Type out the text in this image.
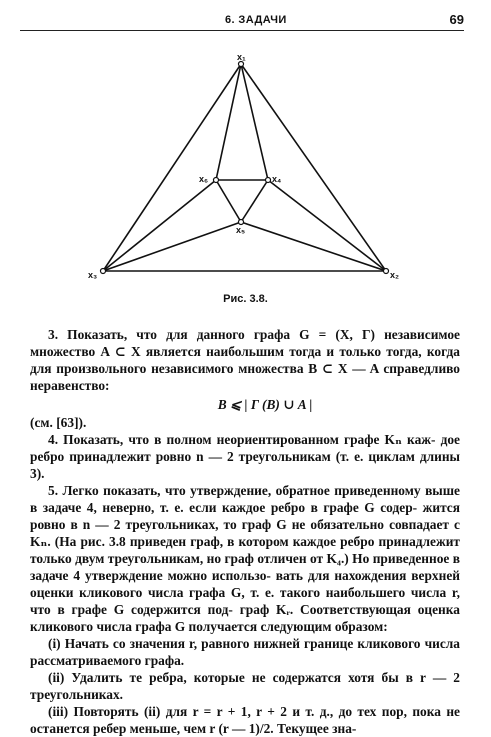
6. ЗАДАЧИ	69
x₁
x₂
x₃
x₄
x₅
x₆
Рис. 3.8.
3. Показать, что для данного графа G = (X, Γ) независимое множество A ⊂ X является наибольшим тогда и только тогда, когда для произвольного независимого множества B ⊂ X — A справедливо неравенство:
B ⩽ | Γ (B) ∪ A |
(см. [63]).
4. Показать, что в полном неориентированном графе Kₙ каж- дое ребро принадлежит ровно n — 2 треугольникам (т. е. циклам длины 3).
5. Легко показать, что утверждение, обратное приведенному выше в задаче 4, неверно, т. е. если каждое ребро в графе G содер- жится ровно в n — 2 треугольниках, то граф G не обязательно совпадает с Kₙ. (На рис. 3.8 приведен граф, в котором каждое ребро принадлежит только двум треугольникам, но граф отличен от K₄.) Но приведенное в задаче 4 утверждение можно использо- вать для нахождения верхней оценки кликового числа графа G, т. е. такого наибольшего числа r, что в графе G содержится под- граф Kᵣ. Соответствующая оценка кликового числа графа G получается следующим образом:
(i) Начать со значения r, равного нижней границе кликового числа рассматриваемого графа.
(ii) Удалить те ребра, которые не содержатся хотя бы в r — 2 треугольниках.
(iii) Повторять (ii) для r = r + 1, r + 2 и т. д., до тех пор, пока не останется ребер меньше, чем r (r — 1)/2. Текущее зна-
